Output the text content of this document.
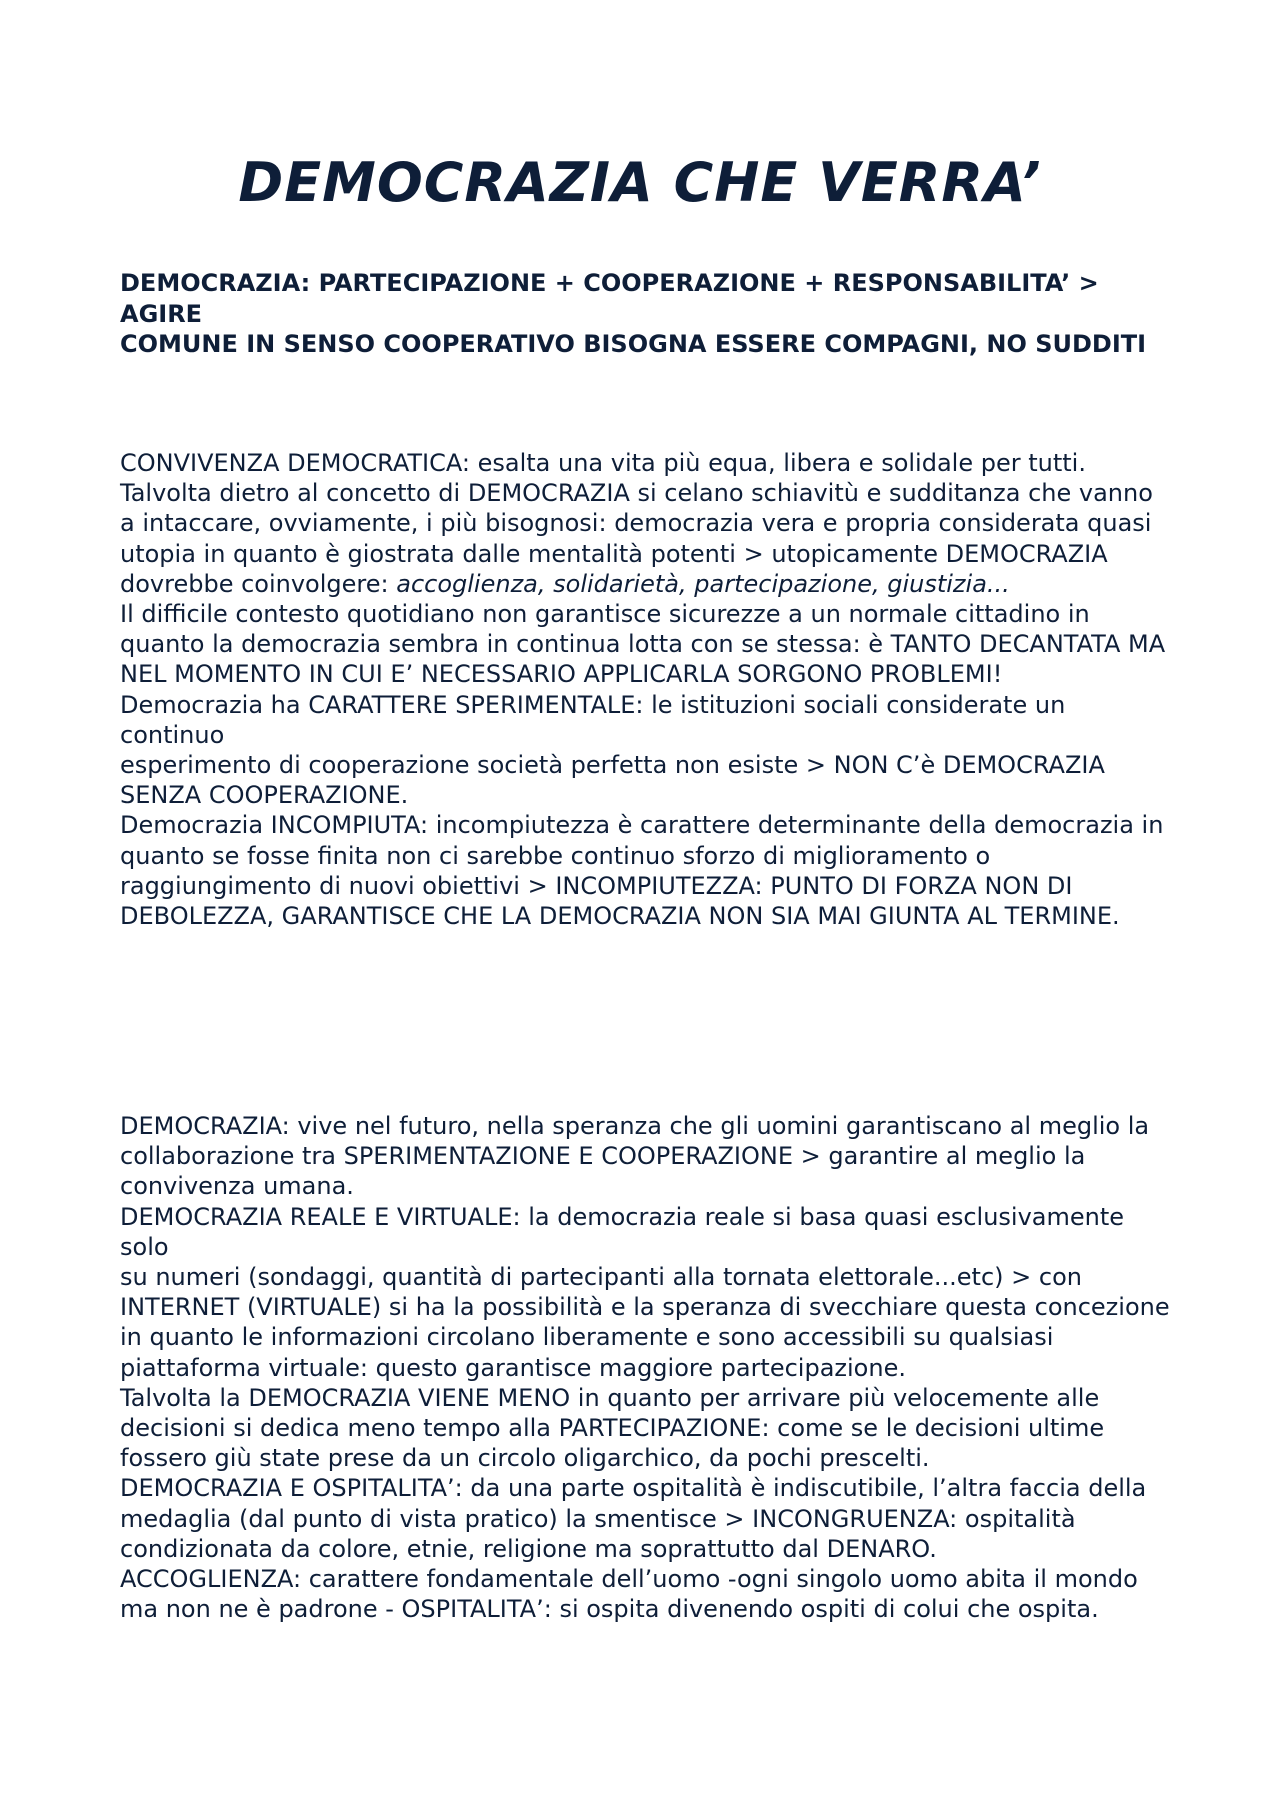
DEMOCRAZIA CHE VERRA’

DEMOCRAZIA: PARTECIPAZIONE + COOPERAZIONE + RESPONSABILITA’ > AGIRE

COMUNE IN SENSO COOPERATIVO BISOGNA ESSERE COMPAGNI, NO SUDDITI

CONVIVENZA DEMOCRATICA: esalta una vita più equa, libera e solidale per tutti.

Talvolta dietro al concetto di DEMOCRAZIA si celano schiavitù e sudditanza che vanno a intaccare, ovviamente, i più bisognosi: democrazia vera e propria considerata quasi utopia in quanto è giostrata dalle mentalità potenti > utopicamente DEMOCRAZIA dovrebbe coinvolgere: accoglienza, solidarietà, partecipazione, giustizia...

Il difficile contesto quotidiano non garantisce sicurezze a un normale cittadino in quanto la democrazia sembra in continua lotta con se stessa: è TANTO DECANTATA MA NEL MOMENTO IN CUI E’ NECESSARIO APPLICARLA SORGONO PROBLEMI!

Democrazia ha CARATTERE SPERIMENTALE: le istituzioni sociali considerate un continuo

esperimento di cooperazione società perfetta non esiste > NON C’è DEMOCRAZIA SENZA COOPERAZIONE.

Democrazia INCOMPIUTA: incompiutezza è carattere determinante della democrazia in quanto se fosse finita non ci sarebbe continuo sforzo di miglioramento o raggiungimento di nuovi obiettivi > INCOMPIUTEZZA: PUNTO DI FORZA NON DI DEBOLEZZA, GARANTISCE CHE LA DEMOCRAZIA NON SIA MAI GIUNTA AL TERMINE.

DEMOCRAZIA: vive nel futuro, nella speranza che gli uomini garantiscano al meglio la collaborazione tra SPERIMENTAZIONE E COOPERAZIONE > garantire al meglio la convivenza umana.

DEMOCRAZIA REALE E VIRTUALE: la democrazia reale si basa quasi esclusivamente solo

su numeri (sondaggi, quantità di partecipanti alla tornata elettorale...etc) > con INTERNET (VIRTUALE) si ha la possibilità e la speranza di svecchiare questa concezione in quanto le informazioni circolano liberamente e sono accessibili su qualsiasi piattaforma virtuale: questo garantisce maggiore partecipazione.

Talvolta la DEMOCRAZIA VIENE MENO in quanto per arrivare più velocemente alle decisioni si dedica meno tempo alla PARTECIPAZIONE: come se le decisioni ultime fossero giù state prese da un circolo oligarchico, da pochi prescelti.

DEMOCRAZIA E OSPITALITA’: da una parte ospitalità è indiscutibile, l’altra faccia della

medaglia (dal punto di vista pratico) la smentisce > INCONGRUENZA: ospitalità condizionata da colore, etnie, religione ma soprattutto dal DENARO.

ACCOGLIENZA: carattere fondamentale dell’uomo -ogni singolo uomo abita il mondo ma non ne è padrone - OSPITALITA’: si ospita divenendo ospiti di colui che ospita.
